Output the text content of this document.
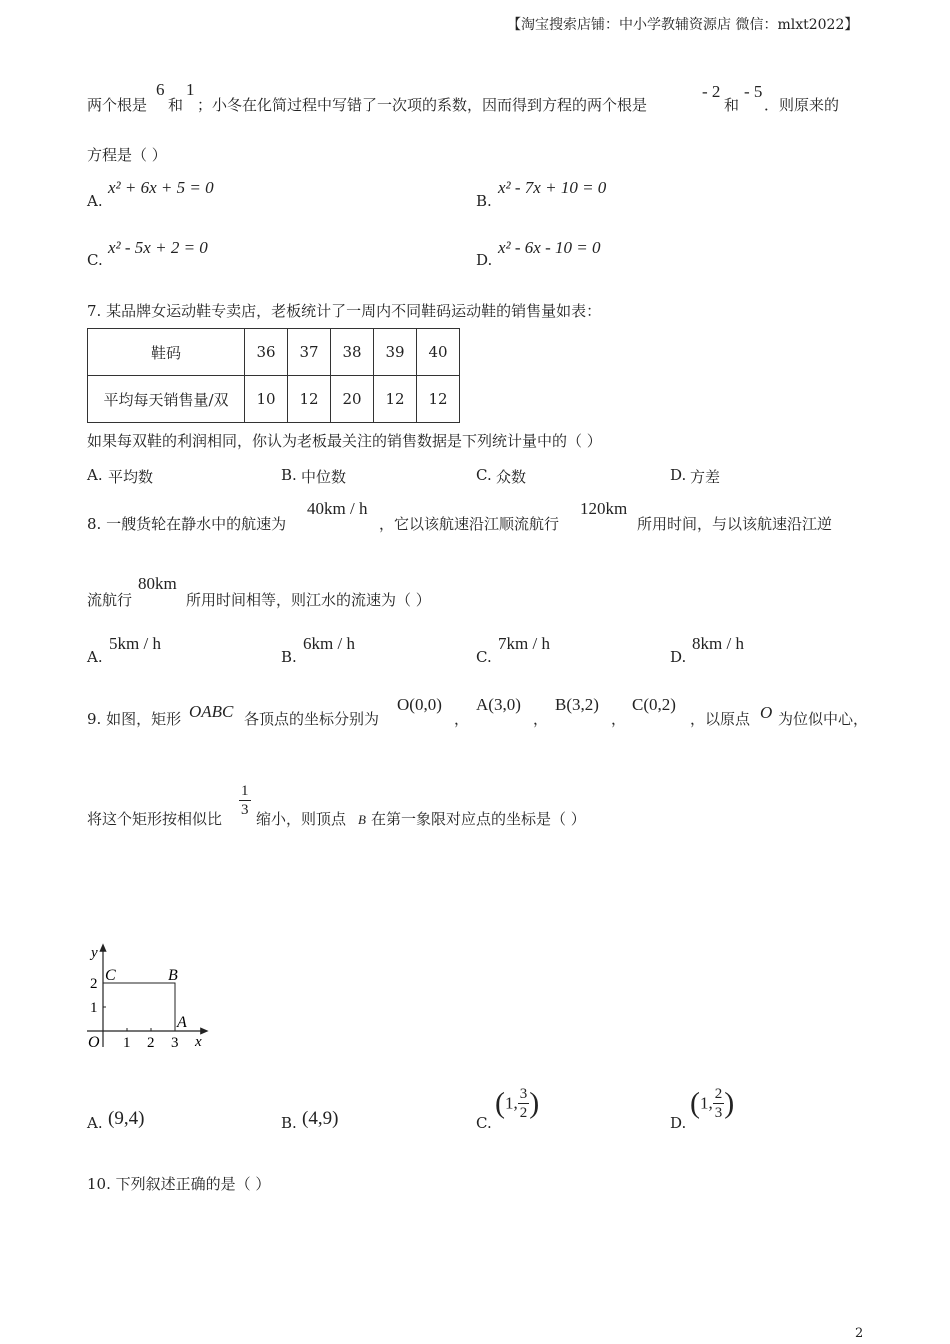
【淘宝搜索店铺：中小学教辅资源店 微信：mlxt2022】
两个根是
6
和
1
；小冬在化简过程中写错了一次项的系数，因而得到方程的两个根是
- 2
和
- 5
．则原来的
方程是（ ）
A.
x² + 6x + 5 = 0
B.
x² - 7x + 10 = 0
C.
x² - 5x + 2 = 0
D.
x² - 6x - 10 = 0
7. 某品牌女运动鞋专卖店，老板统计了一周内不同鞋码运动鞋的销售量如表：
鞋码	36	37	38	39	40
平均每天销售量/双	10	12	20	12	12
如果每双鞋的利润相同，你认为老板最关注的销售数据是下列统计量中的（ ）
A. 平均数	B. 中位数	C. 众数	D. 方差
8. 一艘货轮在静水中的航速为
40km / h
，它以该航速沿江顺流航行
120km
所用时间，与以该航速沿江逆
流航行
80km
所用时间相等，则江水的流速为（ ）
A.
5km / h
B.
6km / h
C.
7km / h
D.
8km / h
9. 如图，矩形 OABC 各顶点的坐标分别为
O(0,0)
，
A(3,0)
，
B(3,2)
，
C(0,2)
，以原点 O 为位似中心，
将这个矩形按相似比 $\frac{1}{3}$ 缩小，则顶点 B 在第一象限对应点的坐标是（ ）
y
x
O
C	B
A
1 2 3
1
2
A. (9,4)	B. (4,9)	C.
(1, $\frac{3}{2}$ )
D.
(1, $\frac{2}{3}$ )
10. 下列叙述正确的是（ ）
2
